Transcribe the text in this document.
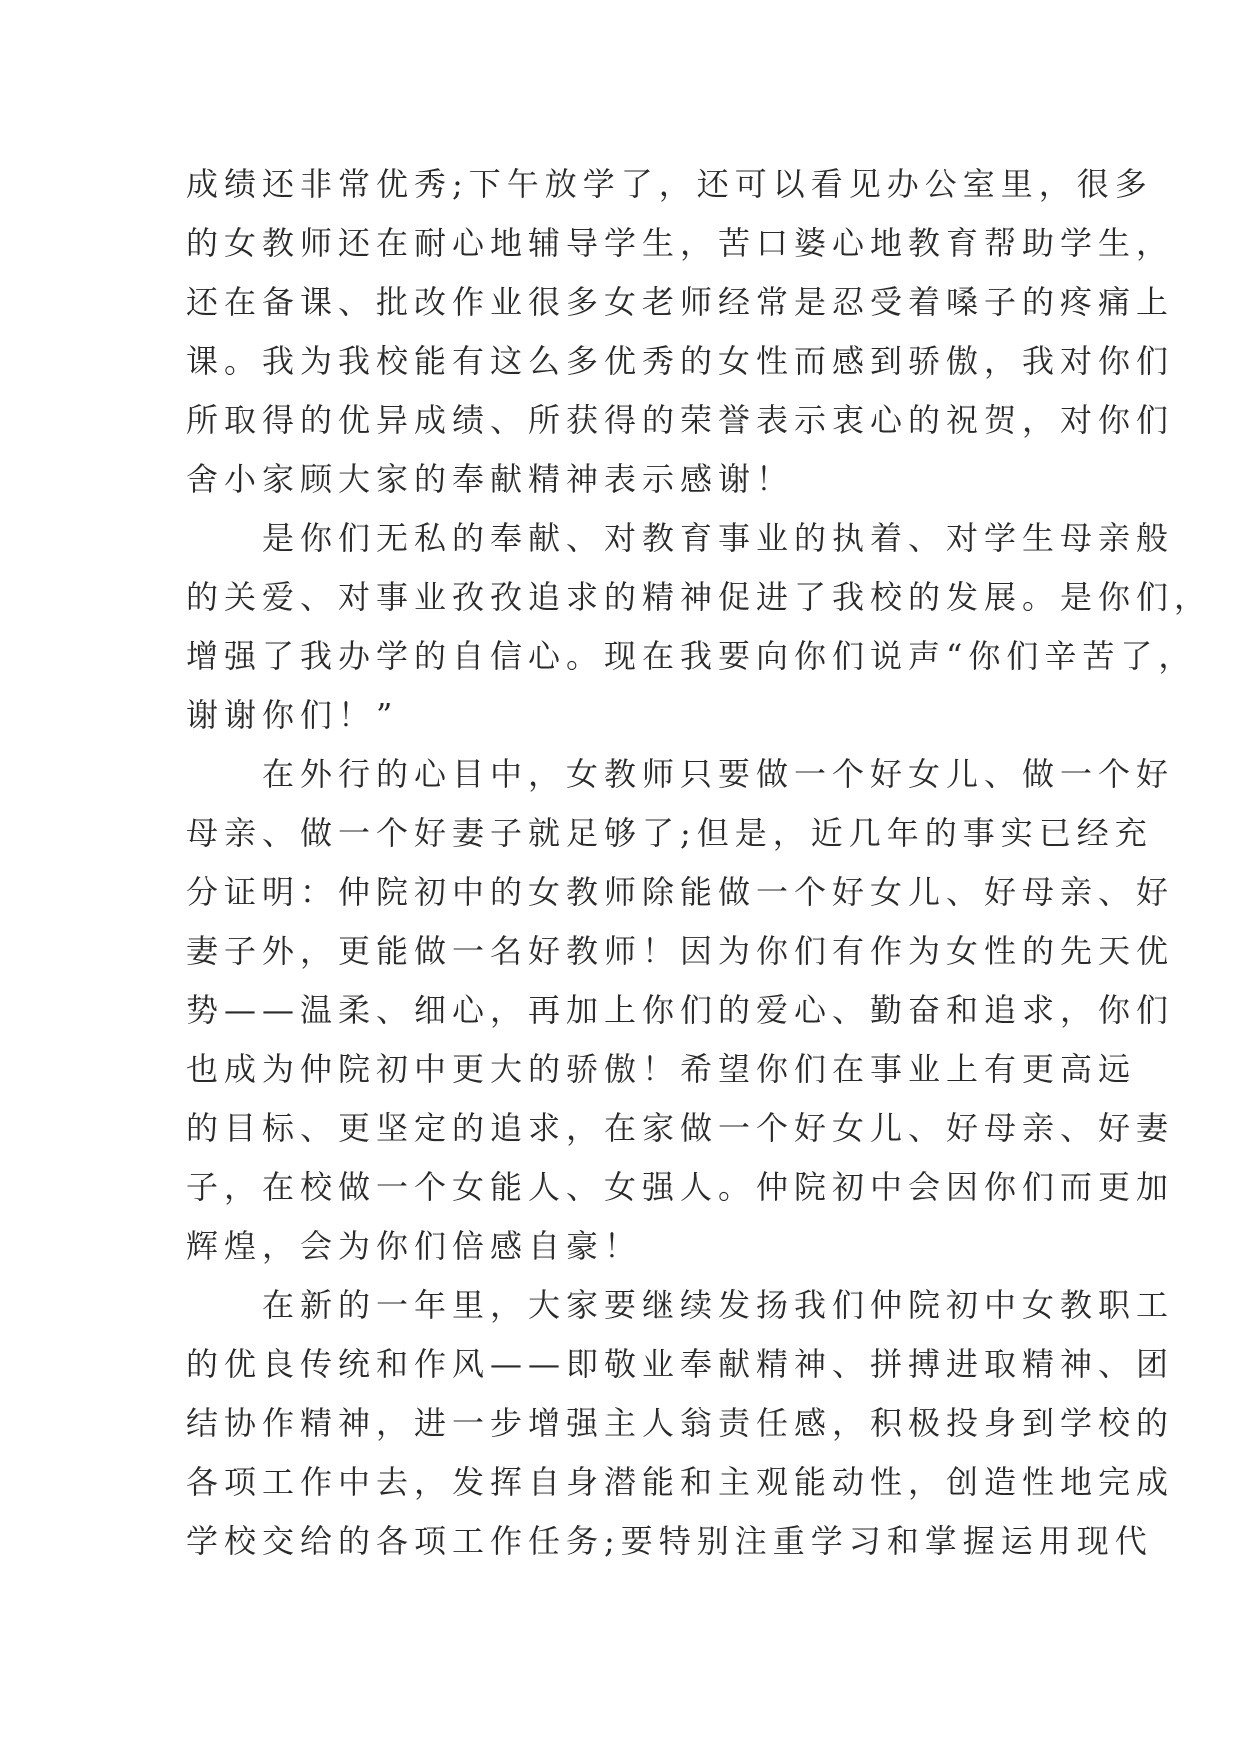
成绩还非常优秀;下午放学了，还可以看见办公室里，很多
的女教师还在耐心地辅导学生，苦口婆心地教育帮助学生，
还在备课、批改作业很多女老师经常是忍受着嗓子的疼痛上
课。我为我校能有这么多优秀的女性而感到骄傲，我对你们
所取得的优异成绩、所获得的荣誉表示衷心的祝贺，对你们
舍小家顾大家的奉献精神表示感谢！
是你们无私的奉献、对教育事业的执着、对学生母亲般
的关爱、对事业孜孜追求的精神促进了我校的发展。是你们，
增强了我办学的自信心。现在我要向你们说声“你们辛苦了，
谢谢你们！”
在外行的心目中，女教师只要做一个好女儿、做一个好
母亲、做一个好妻子就足够了;但是，近几年的事实已经充
分证明：仲院初中的女教师除能做一个好女儿、好母亲、好
妻子外，更能做一名好教师！因为你们有作为女性的先天优
势——温柔、细心，再加上你们的爱心、勤奋和追求，你们
也成为仲院初中更大的骄傲！希望你们在事业上有更高远
的目标、更坚定的追求，在家做一个好女儿、好母亲、好妻
子，在校做一个女能人、女强人。仲院初中会因你们而更加
辉煌，会为你们倍感自豪！
在新的一年里，大家要继续发扬我们仲院初中女教职工
的优良传统和作风——即敬业奉献精神、拼搏进取精神、团
结协作精神，进一步增强主人翁责任感，积极投身到学校的
各项工作中去，发挥自身潜能和主观能动性，创造性地完成
学校交给的各项工作任务;要特别注重学习和掌握运用现代
